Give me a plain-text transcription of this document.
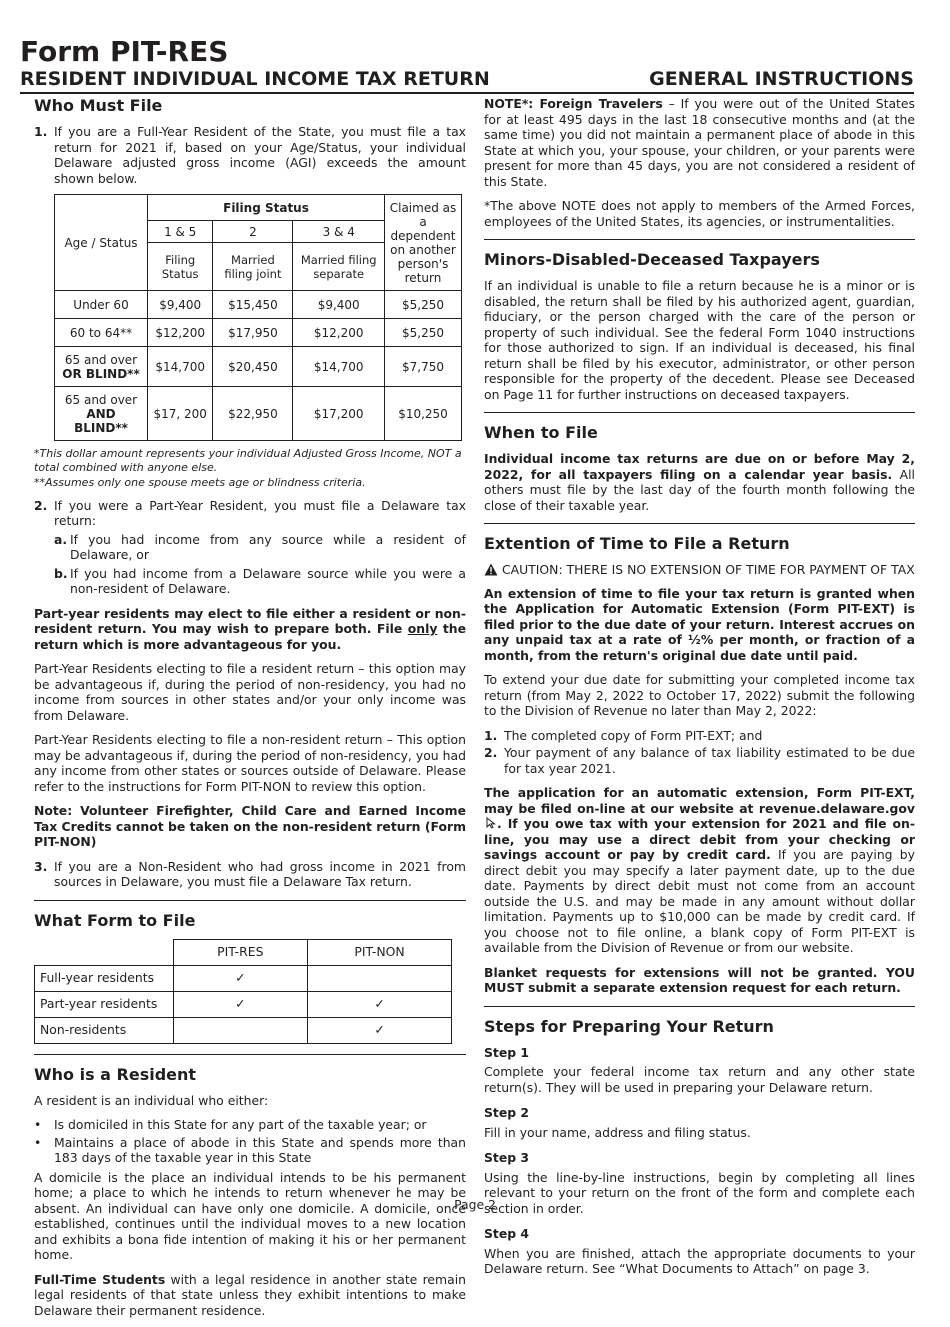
Form PIT-RES
RESIDENT INDIVIDUAL INCOME TAX RETURN	GENERAL INSTRUCTIONS
Who Must File
1. If you are a Full-Year Resident of the State, you must file a tax return for 2021 if, based on your Age/Status, your individual Delaware adjusted gross income (AGI) exceeds the amount shown below.
Age / Status	Filing Status			Claimed as a dependent on another person's return
	1 & 5	2	3 & 4	
	Filing Status	Married filing joint	Married filing separate	
Under 60	$9,400	$15,450	$9,400	$5,250
60 to 64**	$12,200	$17,950	$12,200	$5,250
65 and over
OR BLIND**	$14,700	$20,450	$14,700	$7,750
65 and over
AND BLIND**	$17, 200	$22,950	$17,200	$10,250

*This dollar amount represents your individual Adjusted Gross Income, NOT a total combined with anyone else.

**Assumes only one spouse meets age or blindness criteria.

2. If you were a Part-Year Resident, you must file a Delaware tax return:
a. If you had income from any source while a resident of Delaware, or
b. If you had income from a Delaware source while you were a non-resident of Delaware.

Part-year residents may elect to file either a resident or non- resident return. You may wish to prepare both. File only the return which is more advantageous for you.

Part-Year Residents electing to file a resident return – this option may be advantageous if, during the period of non-residency, you had no income from sources in other states and/or your only income was from Delaware.

Part-Year Residents electing to file a non-resident return – This option may be advantageous if, during the period of non-residency, you had any income from other states or sources outside of Delaware. Please refer to the instructions for Form PIT-NON to review this option.

Note: Volunteer Firefighter, Child Care and Earned Income Tax Credits cannot be taken on the non-resident return (Form PIT-NON)

3. If you are a Non-Resident who had gross income in 2021 from sources in Delaware, you must file a Delaware Tax return.
What Form to File
	PIT-RES	PIT-NON
Full-year residents	✓	
Part-year residents	✓	✓
Non-residents		✓
Who is a Resident

A resident is an individual who either:

•	Is domiciled in this State for any part of the taxable year; or
•	Maintains a place of abode in this State and spends more than 183 days of the taxable year in this State

A domicile is the place an individual intends to be his permanent home; a place to which he intends to return whenever he may be absent. An individual can have only one domicile. A domicile, once established, continues until the individual moves to a new location and exhibits a bona fide intention of making it his or her permanent home.

Full-Time Students with a legal residence in another state remain legal residents of that state unless they exhibit intentions to make Delaware their permanent residence.

NOTE*: Foreign Travelers – If you were out of the United States for at least 495 days in the last 18 consecutive months and (at the same time) you did not maintain a permanent place of abode in this State at which you, your spouse, your children, or your parents were present for more than 45 days, you are not considered a resident of this State.

*The above NOTE does not apply to members of the Armed Forces, employees of the United States, its agencies, or instrumentalities.

Minors-Disabled-Deceased Taxpayers

If an individual is unable to file a return because he is a minor or is disabled, the return shall be filed by his authorized agent, guardian, fiduciary, or the person charged with the care of the person or property of such individual. See the federal Form 1040 instructions for those authorized to sign. If an individual is deceased, his final return shall be filed by his executor, administrator, or other person responsible for the property of the decedent. Please see Deceased on Page 11 for further instructions on deceased taxpayers.

When to File

Individual income tax returns are due on or before May 2, 2022, for all taxpayers filing on a calendar year basis. All others must file by the last day of the fourth month following the close of their taxable year.

Extention of Time to File a Return
CAUTION: THERE IS NO EXTENSION OF TIME FOR PAYMENT OF TAX

An extension of time to file your tax return is granted when the Application for Automatic Extension (Form PIT-EXT) is filed prior to the due date of your return. Interest accrues on any unpaid tax at a rate of ½% per month, or fraction of a month, from the return's original due date until paid.

To extend your due date for submitting your completed income tax return (from May 2, 2022 to October 17, 2022) submit the following to the Division of Revenue no later than May 2, 2022:

1. The completed copy of Form PIT-EXT; and
2. Your payment of any balance of tax liability estimated to be due for tax year 2021.

The application for an automatic extension, Form PIT-EXT, may be filed on-line at our website at revenue.delaware.gov. If you owe tax with your extension for 2021 and file on-line, you may use a direct debit from your checking or savings account or pay by credit card. If you are paying by direct debit you may specify a later payment date, up to the due date. Payments by direct debit must not come from an account outside the U.S. and may be made in any amount without dollar limitation. Payments up to $10,000 can be made by credit card. If you choose not to file online, a blank copy of Form PIT-EXT is available from the Division of Revenue or from our website.

Blanket requests for extensions will not be granted. YOU MUST submit a separate extension request for each return.

Steps for Preparing Your Return
Step 1

Complete your federal income tax return and any other state return(s). They will be used in preparing your Delaware return.

Step 2

Fill in your name, address and filing status.

Step 3

Using the line-by-line instructions, begin by completing all lines relevant to your return on the front of the form and complete each section in order.

Step 4

When you are finished, attach the appropriate documents to your Delaware return. See “What Documents to Attach” on page 3.

Page 2
